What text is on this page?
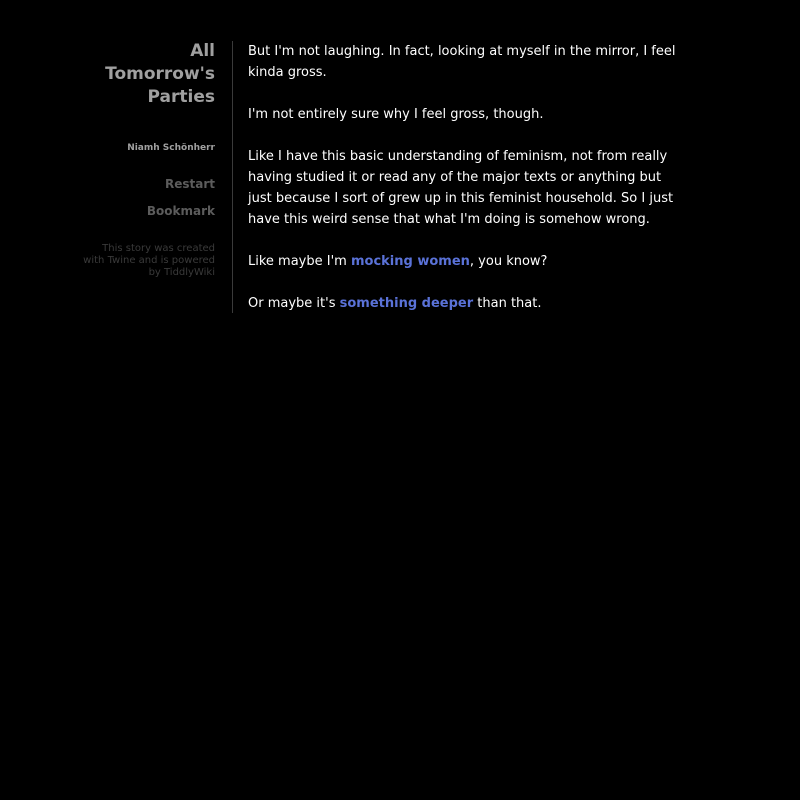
All
Tomorrow's
Parties
Niamh Schönherr
Restart
Bookmark
This story was created
with Twine and is powered
by TiddlyWiki

But I'm not laughing. In fact, looking at myself in the mirror, I feel kinda gross.

I'm not entirely sure why I feel gross, though.

Like I have this basic understanding of feminism, not from really having studied it or read any of the major texts or anything but just because I sort of grew up in this feminist household. So I just have this weird sense that what I'm doing is somehow wrong.

Like maybe I'm mocking women, you know?

Or maybe it's something deeper than that.
